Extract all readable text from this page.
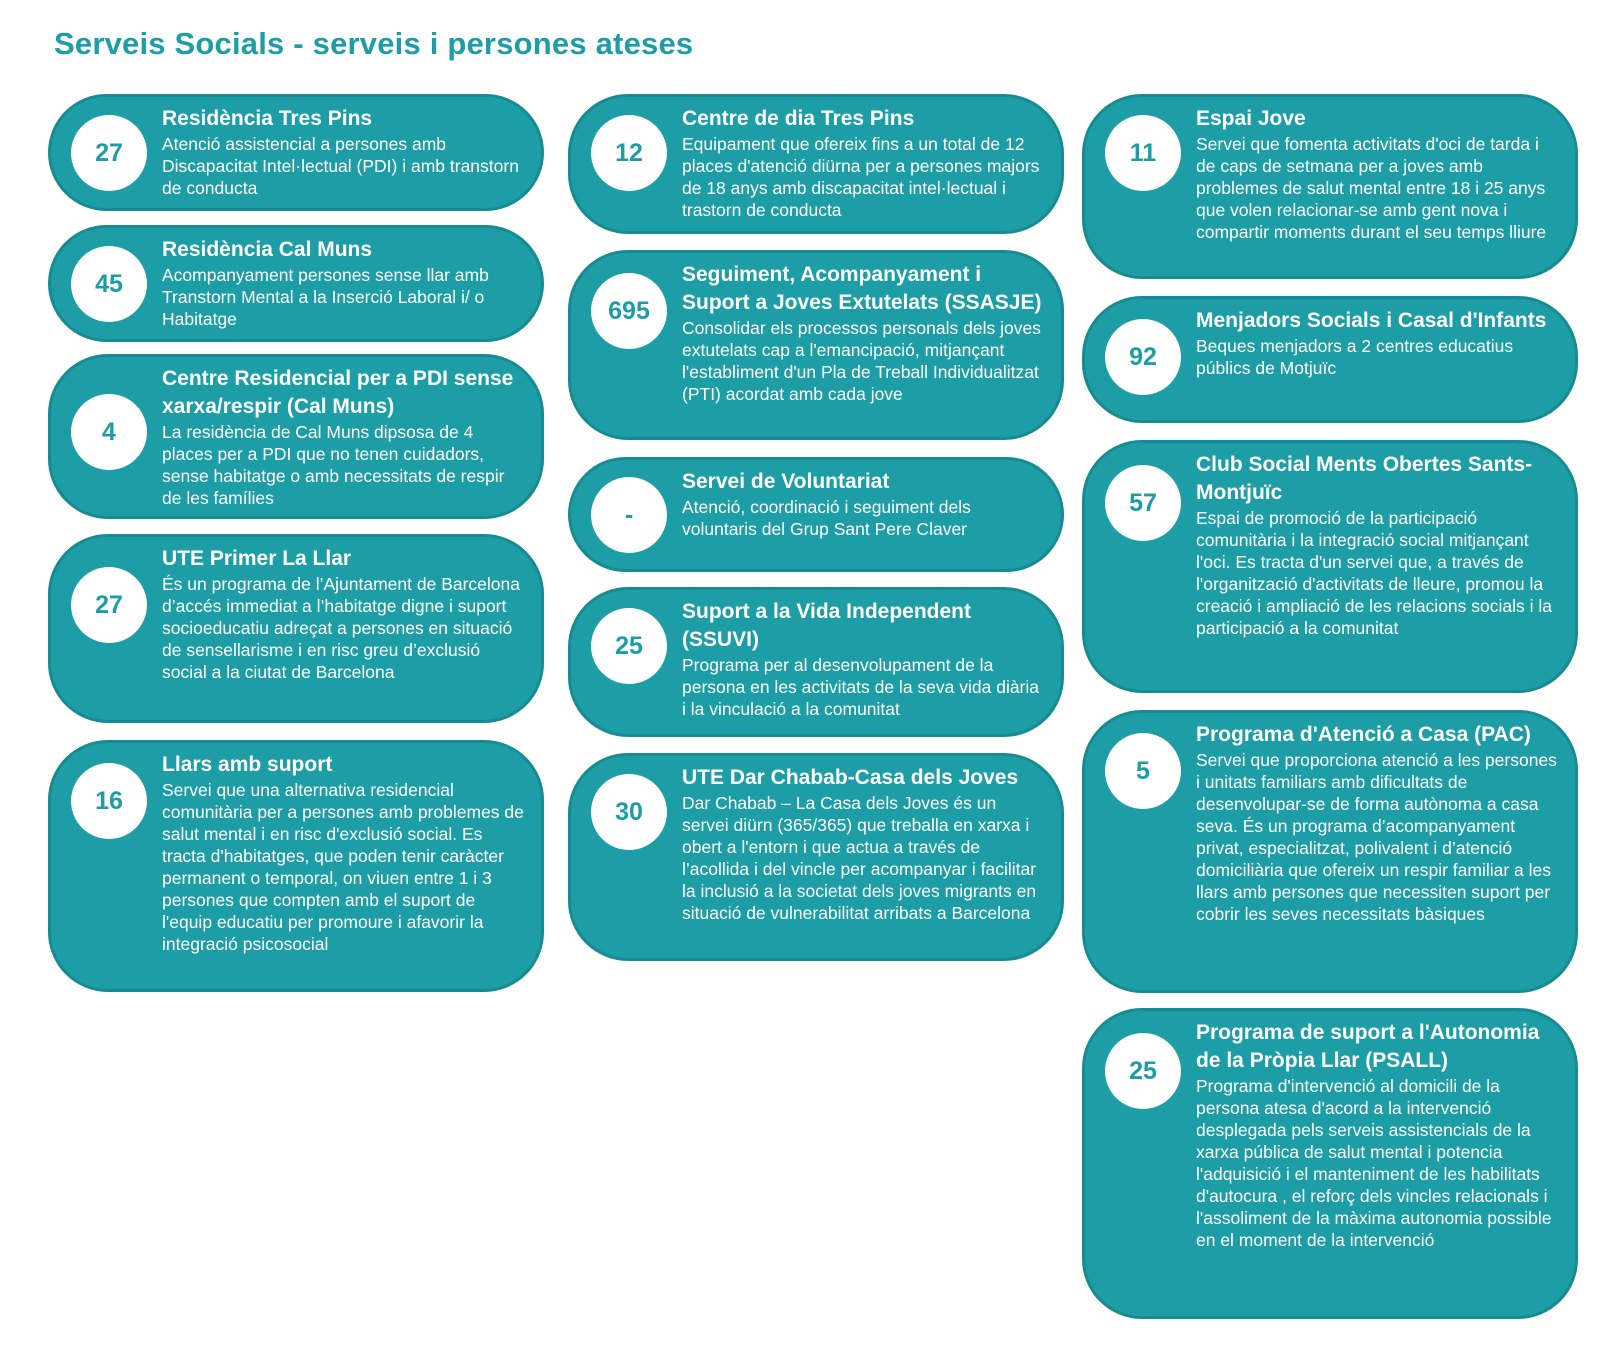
Serveis Socials - serveis i persones ateses
27
Residència Tres Pins
Atenció assistencial a persones amb Discapacitat Intel·lectual (PDI) i amb transtorn de conducta
45
Residència Cal Muns
Acompanyament persones sense llar amb Transtorn Mental a la Inserció Laboral i/ o Habitatge
4
Centre Residencial per a PDI sense xarxa/respir (Cal Muns)
La residència de Cal Muns dipsosa de 4 places per a PDI que no tenen cuidadors, sense habitatge o amb necessitats de respir de les famílies
27
UTE Primer La Llar
És un programa de l’Ajuntament de Barcelona d’accés immediat a l’habitatge digne i suport socioeducatiu adreçat a persones en situació de sensellarisme i en risc greu d’exclusió social a la ciutat de Barcelona
16
Llars amb suport
Servei que una alternativa residencial comunitària per a persones amb problemes de salut mental i en risc d'exclusió social. Es tracta d'habitatges, que poden tenir caràcter permanent o temporal, on viuen entre 1 i 3 persones que compten amb el suport de l'equip educatiu per promoure i afavorir la integració psicosocial
12
Centre de dia Tres Pins
Equipament que ofereix fins a un total de 12 places d'atenció diürna per a persones majors de 18 anys amb discapacitat intel·lectual i trastorn de conducta
695
Seguiment, Acompanyament i Suport a Joves Extutelats (SSASJE)
Consolidar els processos personals dels joves extutelats cap a l'emancipació, mitjançant l'establiment d'un Pla de Treball Individualitzat (PTI) acordat amb cada jove
-
Servei de Voluntariat
Atenció, coordinació i seguiment dels voluntaris del Grup Sant Pere Claver
25
Suport a la Vida Independent (SSUVI)
Programa per al desenvolupament de la persona en les activitats de la seva vida diària i la vinculació a la comunitat
30
UTE Dar Chabab-Casa dels Joves
Dar Chabab – La Casa dels Joves és un servei diürn (365/365) que treballa en xarxa i obert a l'entorn i que actua a través de l’acollida i del vincle per acompanyar i facilitar la inclusió a la societat dels joves migrants en situació de vulnerabilitat arribats a Barcelona
11
Espai Jove
Servei que fomenta activitats d'oci de tarda i de caps de setmana per a joves amb problemes de salut mental entre 18 i 25 anys que volen relacionar-se amb gent nova i compartir moments durant el seu temps lliure
92
Menjadors Socials i Casal d'Infants
Beques menjadors a 2 centres educatius públics de Motjuïc
57
Club Social Ments Obertes Sants-Montjuïc
Espai de promoció de la participació comunitària i la integració social mitjançant l'oci. Es tracta d'un servei que, a través de l'organització d'activitats de lleure, promou la creació i ampliació de les relacions socials i la participació a la comunitat
5
Programa d'Atenció a Casa (PAC)
Servei que proporciona atenció a les persones i unitats familiars amb dificultats de desenvolupar-se de forma autònoma a casa seva. És un programa d’acompanyament privat, especialitzat, polivalent i d’atenció domiciliària que ofereix un respir familiar a les llars amb persones que necessiten suport per cobrir les seves necessitats bàsiques
25
Programa de suport a l'Autonomia
de la Pròpia Llar (PSALL)
Programa d'intervenció al domicili de la persona atesa d'acord a la intervenció desplegada pels serveis assistencials de la xarxa pública de salut mental i potencia l'adquisició i el manteniment de les habilitats d'autocura , el reforç dels vincles relacionals i l'assoliment de la màxima autonomia possible en el moment de la intervenció
